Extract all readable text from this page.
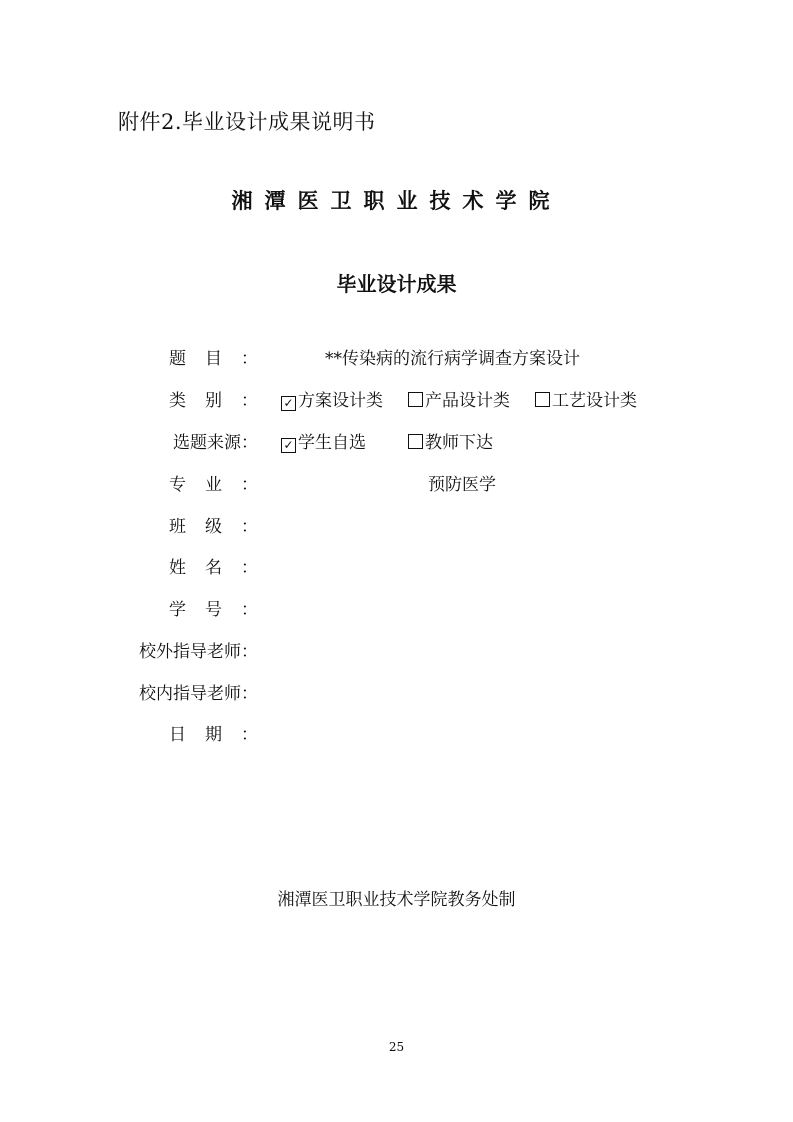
附件2.毕业设计成果说明书
湘潭医卫职业技术学院
毕业设计成果
题目：	**传染病的流行病学调查方案设计
类别： ✓ 方案设计类	产品设计类	工艺设计类
选题来源： ✓ 学生自选	教师下达
专业：	预防医学
班级：
姓名：
学号：
校外指导老师：
校内指导老师：
日期：
湘潭医卫职业技术学院教务处制
25
